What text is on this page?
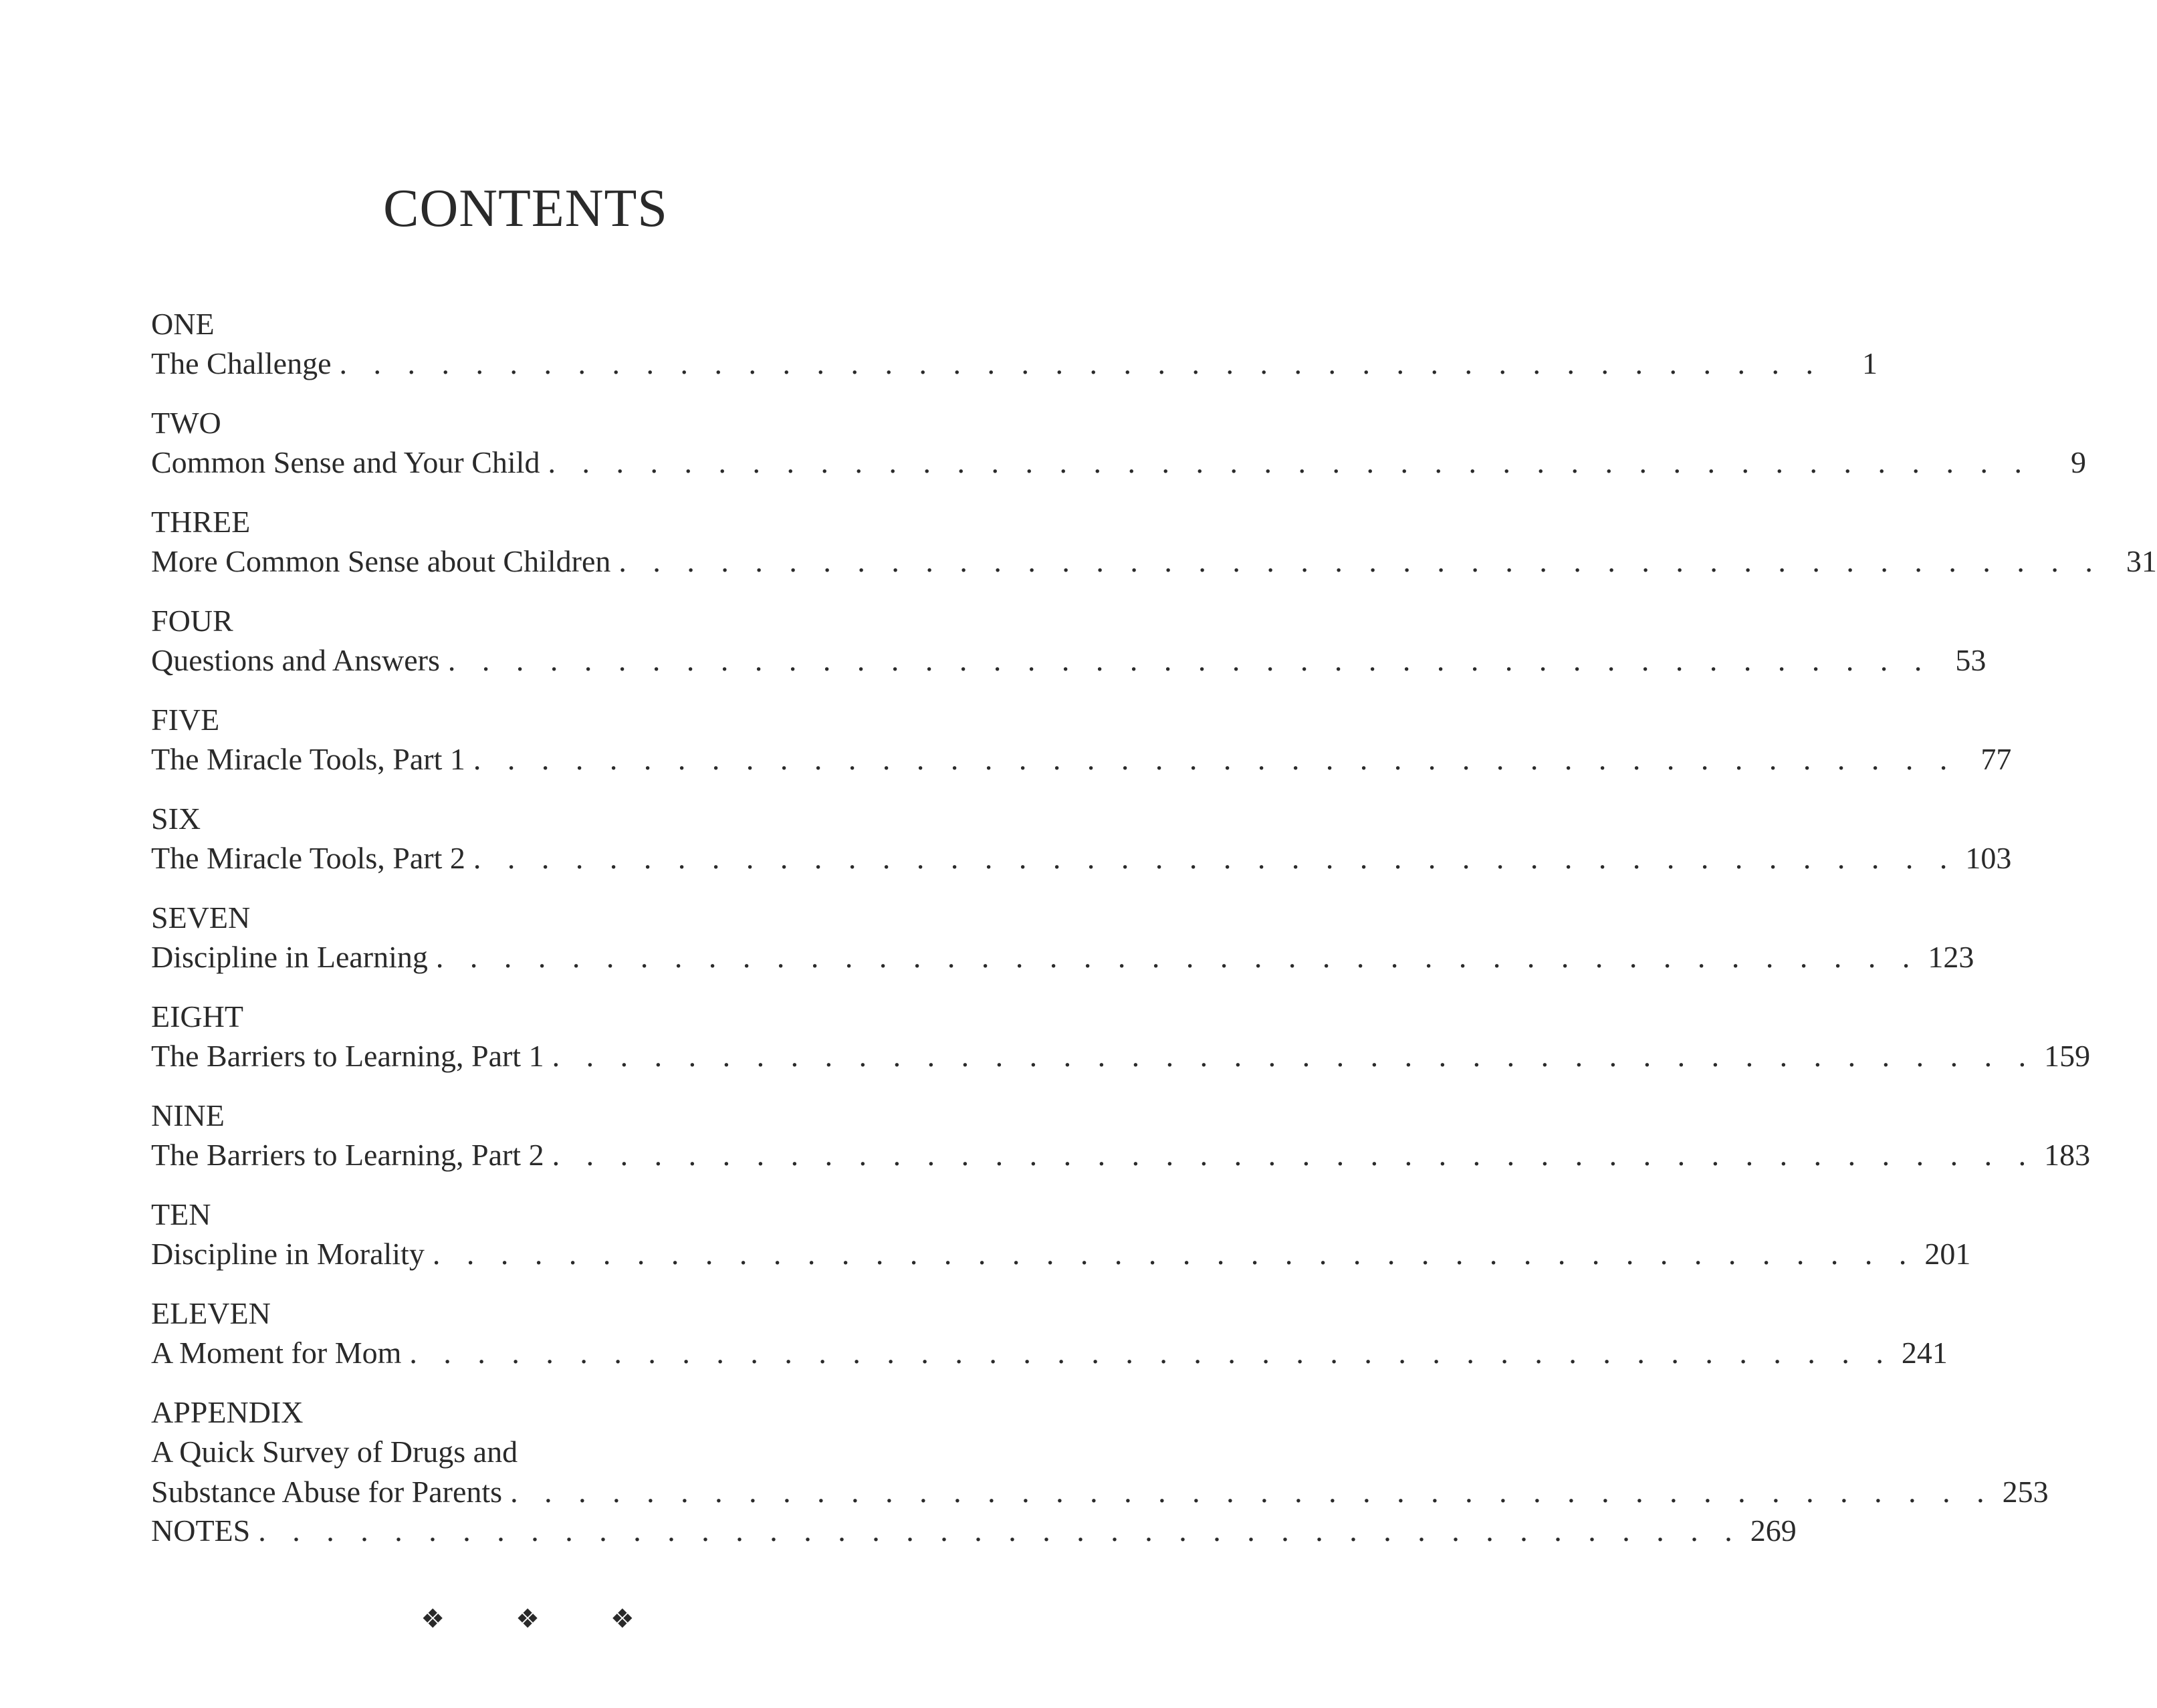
CONTENTS
ONE
The Challenge . . . . . . . . . . . . . . . . . . . . . . . . . . . . . . . . . . . . . . . . . . . .	1
TWO
Common Sense and Your Child . . . . . . . . . . . . . . . . . . . . . . . . . . . . . . . . . . . . . . . . . . . .	9
THREE
More Common Sense about Children . . . . . . . . . . . . . . . . . . . . . . . . . . . . . . . . . . . . . . . . . . . . 31
FOUR
Questions and Answers . . . . . . . . . . . . . . . . . . . . . . . . . . . . . . . . . . . . . . . . . . . . 53
FIVE
The Miracle Tools, Part 1 . . . . . . . . . . . . . . . . . . . . . . . . . . . . . . . . . . . . . . . . . . . . 77
SIX
The Miracle Tools, Part 2 . . . . . . . . . . . . . . . . . . . . . . . . . . . . . . . . . . . . . . . . . . . . 103
SEVEN
Discipline in Learning . . . . . . . . . . . . . . . . . . . . . . . . . . . . . . . . . . . . . . . . . . . . 123
EIGHT
The Barriers to Learning, Part 1 . . . . . . . . . . . . . . . . . . . . . . . . . . . . . . . . . . . . . . . . . . . . 159
NINE
The Barriers to Learning, Part 2 . . . . . . . . . . . . . . . . . . . . . . . . . . . . . . . . . . . . . . . . . . . . 183
TEN
Discipline in Morality . . . . . . . . . . . . . . . . . . . . . . . . . . . . . . . . . . . . . . . . . . . . 201
ELEVEN
A Moment for Mom . . . . . . . . . . . . . . . . . . . . . . . . . . . . . . . . . . . . . . . . . . . . 241
APPENDIX
A Quick Survey of Drugs and
Substance Abuse for Parents . . . . . . . . . . . . . . . . . . . . . . . . . . . . . . . . . . . . . . . . . . . . 253
NOTES . . . . . . . . . . . . . . . . . . . . . . . . . . . . . . . . . . . . . . . . . . . . 269
❖	❖	❖
